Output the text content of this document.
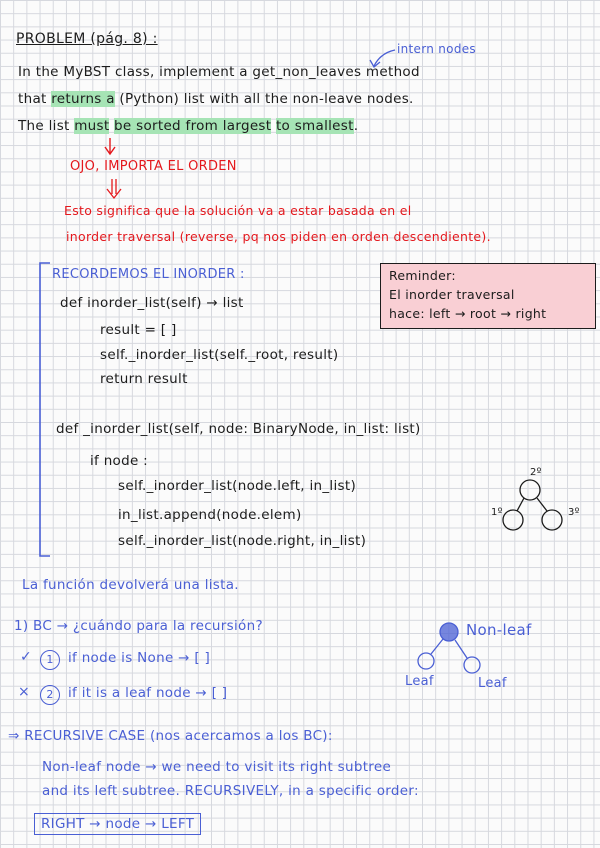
PROBLEM (pág. 8) :
intern nodes
In the MyBST class, implement a get_non_leaves method
that returns a (Python) list with all the non-leave nodes.
The list must be sorted from largest to smallest.
OJO, IMPORTA EL ORDEN
Esto significa que la solución va a estar basada en el
inorder traversal (reverse, pq nos piden en orden descendiente).
Reminder:
El inorder traversal
hace: left → root → right
RECORDEMOS EL INORDER :
def inorder_list(self) → list
result = [ ]
self._inorder_list(self._root, result)
return result
def _inorder_list(self, node: BinaryNode, in_list: list)
if node :
self._inorder_list(node.left, in_list)
in_list.append(node.elem)
self._inorder_list(node.right, in_list)
2º
1º	3º
La función devolverá una lista.
1) BC → ¿cuándo para la recursión?
✓	1	if node is None → [ ]
×	2	if it is a leaf node → [ ]
Non-leaf
Leaf	Leaf
⇒ RECURSIVE CASE (nos acercamos a los BC):
Non-leaf node → we need to visit its right subtree
and its left subtree. RECURSIVELY, in a specific order:
RIGHT → node → LEFT
